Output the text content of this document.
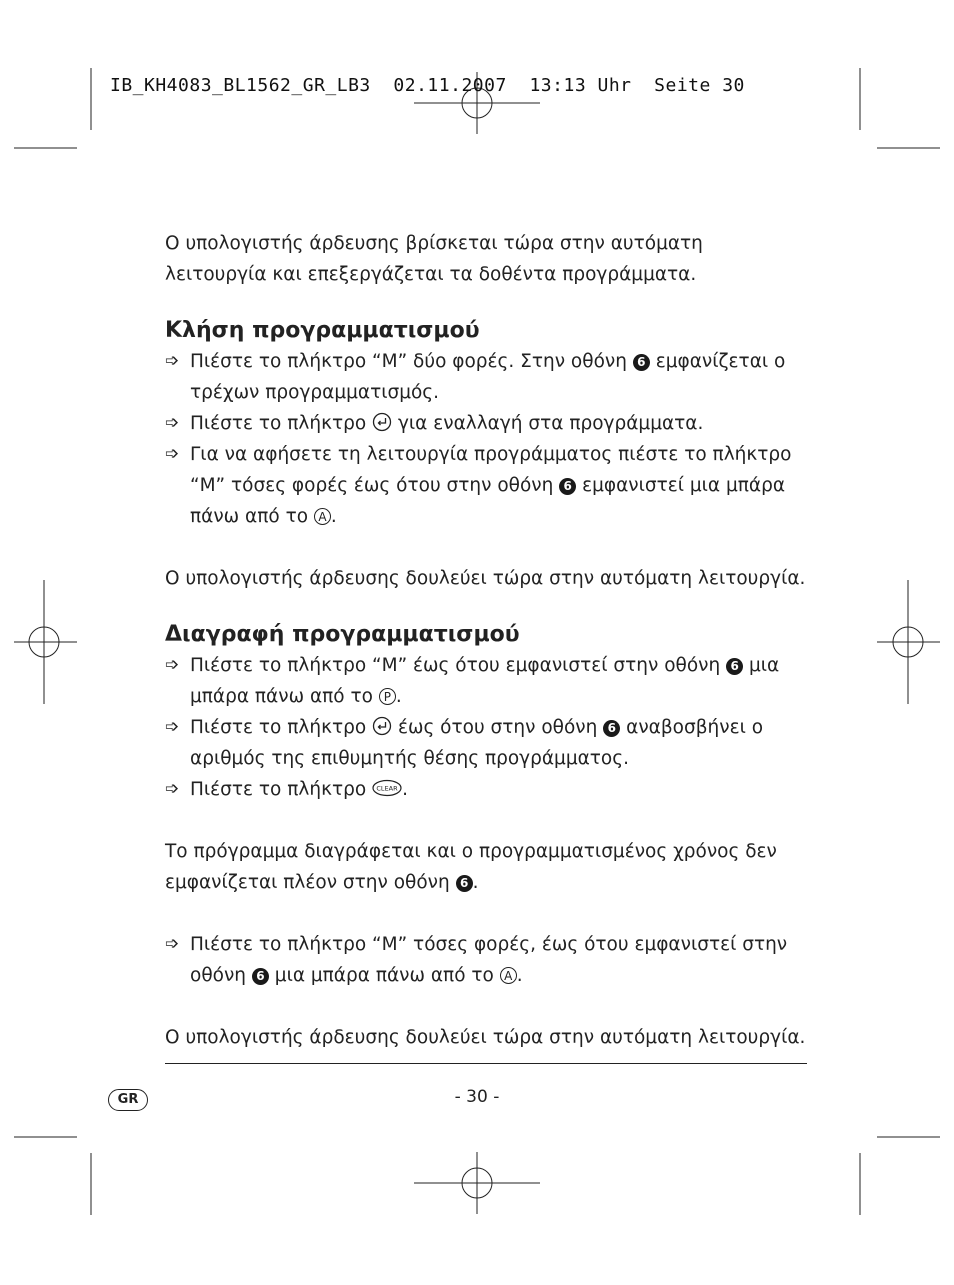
IB_KH4083_BL1562_GR_LB3  02.11.2007  13:13 Uhr  Seite 30

Ο υπολογιστής άρδευσης βρίσκεται τώρα στην αυτόματη λειτουργία και επεξεργάζεται τα δοθέντα προγράμματα.

Κλήση προγραμματισμού

➩ Πιέστε το πλήκτρο “M” δύο φορές. Στην οθόνη 6 εμφανίζεται ο τρέχων προγραμματισμός.

➩ Πιέστε το πλήκτρο για εναλλαγή στα προγράμματα.

➩ Για να αφήσετε τη λειτουργία προγράμματος πιέστε το πλήκτρο “M” τόσες φορές έως ότου στην οθόνη 6 εμφανιστεί μια μπάρα πάνω από το A .

Ο υπολογιστής άρδευσης δουλεύει τώρα στην αυτόματη λειτουργία.

Διαγραφή προγραμματισμού

➩ Πιέστε το πλήκτρο “M” έως ότου εμφανιστεί στην οθόνη 6 μια μπάρα πάνω από το P .

➩ Πιέστε το πλήκτρο έως ότου στην οθόνη 6 αναβοσβήνει ο αριθμός της επιθυμητής θέσης προγράμματος.

➩ Πιέστε το πλήκτρο CLEAR .

Το πρόγραμμα διαγράφεται και ο προγραμματισμένος χρόνος δεν εμφανίζεται πλέον στην οθόνη 6 .

➩ Πιέστε το πλήκτρο “M” τόσες φορές, έως ότου εμφανιστεί στην οθόνη 6 μια μπάρα πάνω από το A .

Ο υπολογιστής άρδευσης δουλεύει τώρα στην αυτόματη λειτουργία.

GR	- 30 -
